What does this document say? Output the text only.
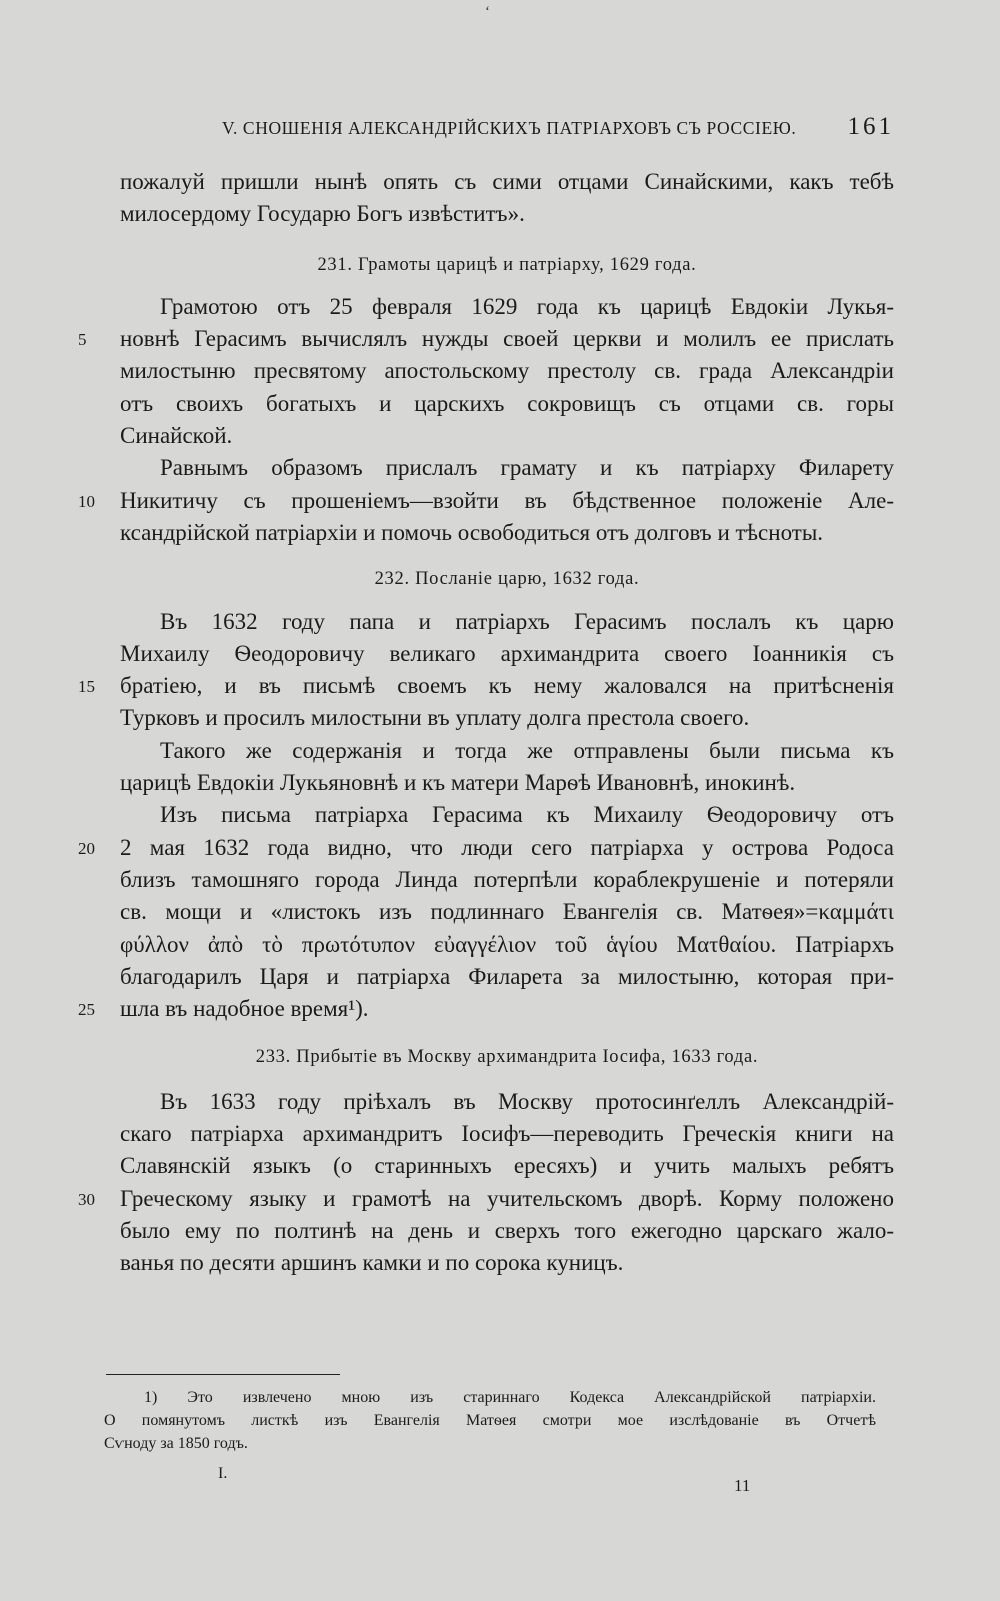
ʻ
V. СНОШЕНІЯ АЛЕКСАНДРІЙСКИХЪ ПАТРІАРХОВЪ СЪ РОССІЕЮ. 161

пожалуй пришли нынѣ опять съ сими отцами Синайскими, какъ тебѣ
милосердому Государю Богъ извѣститъ».

231. Грамоты царицѣ и патріарху, 1629 года.

Грамотою отъ 25 февраля 1629 года къ царицѣ Евдокіи Лукья-
5 новнѣ Герасимъ вычислялъ нужды своей церкви и молилъ ее прислать
милостыню пресвятому апостольскому престолу св. града Александріи
отъ своихъ богатыхъ и царскихъ сокровищъ съ отцами св. горы
Синайской.

Равнымъ образомъ прислалъ грамату и къ патріарху Филарету
10 Никитичу съ прошеніемъ—взойти въ бѣдственное положеніе Але-
ксандрійской патріархіи и помочь освободиться отъ долговъ и тѣсноты.

232. Посланіе царю, 1632 года.

Въ 1632 году папа и патріархъ Герасимъ послалъ къ царю
Михаилу Ѳеодоровичу великаго архимандрита своего Іоанникія съ
15 братіею, и въ письмѣ своемъ къ нему жаловался на притѣсненія
Турковъ и просилъ милостыни въ уплату долга престола своего.

Такого же содержанія и тогда же отправлены были письма къ
царицѣ Евдокіи Лукьяновнѣ и къ матери Марѳѣ Ивановнѣ, инокинѣ.

Изъ письма патріарха Герасима къ Михаилу Ѳеодоровичу отъ
20 2 мая 1632 года видно, что люди сего патріарха у острова Родоса
близъ тамошняго города Линда потерпѣли кораблекрушеніе и потеряли
св. мощи и «листокъ изъ подлиннаго Евангелія св. Матѳея»=καμμάτι
φύλλον ἀπὸ τὸ πρωτότυπον εὐαγγέλιον τοῦ ἁγίου Ματθαίου. Патріархъ
благодарилъ Царя и патріарха Филарета за милостыню, которая при-
25 шла въ надобное время¹).

233. Прибытіе въ Москву архимандрита Іосифа, 1633 года.

Въ 1633 году пріѣхалъ въ Москву протосинґеллъ Александрій-
скаго патріарха архимандритъ Іосифъ—переводить Греческія книги на
Славянскій языкъ (о старинныхъ ересяхъ) и учить малыхъ ребятъ
30 Греческому языку и грамотѣ на учительскомъ дворѣ. Корму положено
было ему по полтинѣ на день и сверхъ того ежегодно царскаго жало-
ванья по десяти аршинъ камки и по сорока куницъ.

1) Это извлечено мною изъ стариннаго Кодекса Александрійской патріархіи.
О помянутомъ листкѣ изъ Евангелія Матѳея смотри мое изслѣдованіе въ Отчетѣ
Сѵноду за 1850 годъ.
I.
11
